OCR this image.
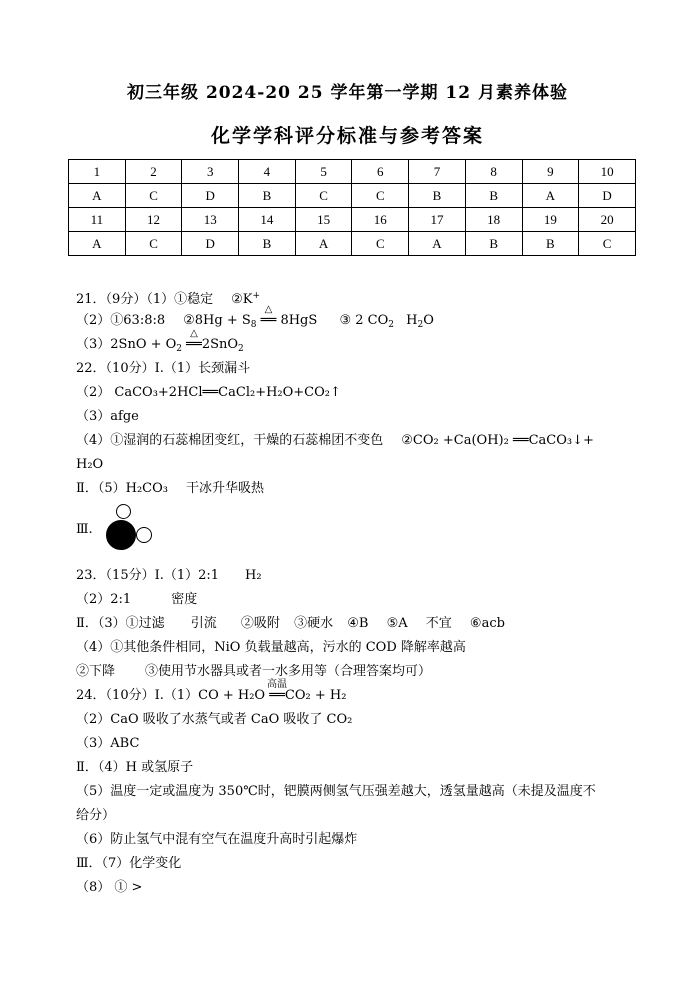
初三年级 2024-20 25 学年第一学期 12 月素养体验
化学学科评分标准与参考答案
1	2	3	4	5	6	7	8	9	10
A	C	D	B	C	C	B	B	A	D
11	12	13	14	15	16	17	18	19	20
A	C	D	B	A	C	A	B	B	C
21．（9分）（1）①稳定 ②K+
（2）①63:8:8 ②8Hg + $S_8$
△
══ 8HgS ③ 2 $CO_2$ $H_2O$
$(3)2SnO + O_2$
△
══2SnO$_2$
22．（10分）Ⅰ.（1）长颈漏斗
（2） CaCO₃+2HCl══CaCl₂+H₂O+CO₂↑
（3）afge
（4）①湿润的石蕊棉团变红，干燥的石蕊棉团不变色 ②CO₂ +Ca(OH)₂ ══CaCO₃↓+
H₂O
Ⅱ．（5）H₂CO₃ 干冰升华吸热
Ⅲ.
23．（15分）Ⅰ.（1）2:1 H₂
（2）2:1	密度
Ⅱ．（3）①过滤 引流 ②吸附 ③硬水 ④B ⑤A 不宜 ⑥acb
（4）①其他条件相同，NiO 负载量越高，污水的 COD 降解率越高
②下降 ③使用节水器具或者一水多用等（合理答案均可）
24．（10分）Ⅰ.（1）CO + H₂O
高温
══CO₂ + H₂
（2）CaO 吸收了水蒸气或者 CaO 吸收了 CO₂
（3）ABC
Ⅱ．（4）H 或氢原子
（5）温度一定或温度为 350℃时，钯膜两侧氢气压强差越大，透氢量越高（未提及温度不
给分）
（6）防止氢气中混有空气在温度升高时引起爆炸
Ⅲ．（7）化学变化
（8） ① >
